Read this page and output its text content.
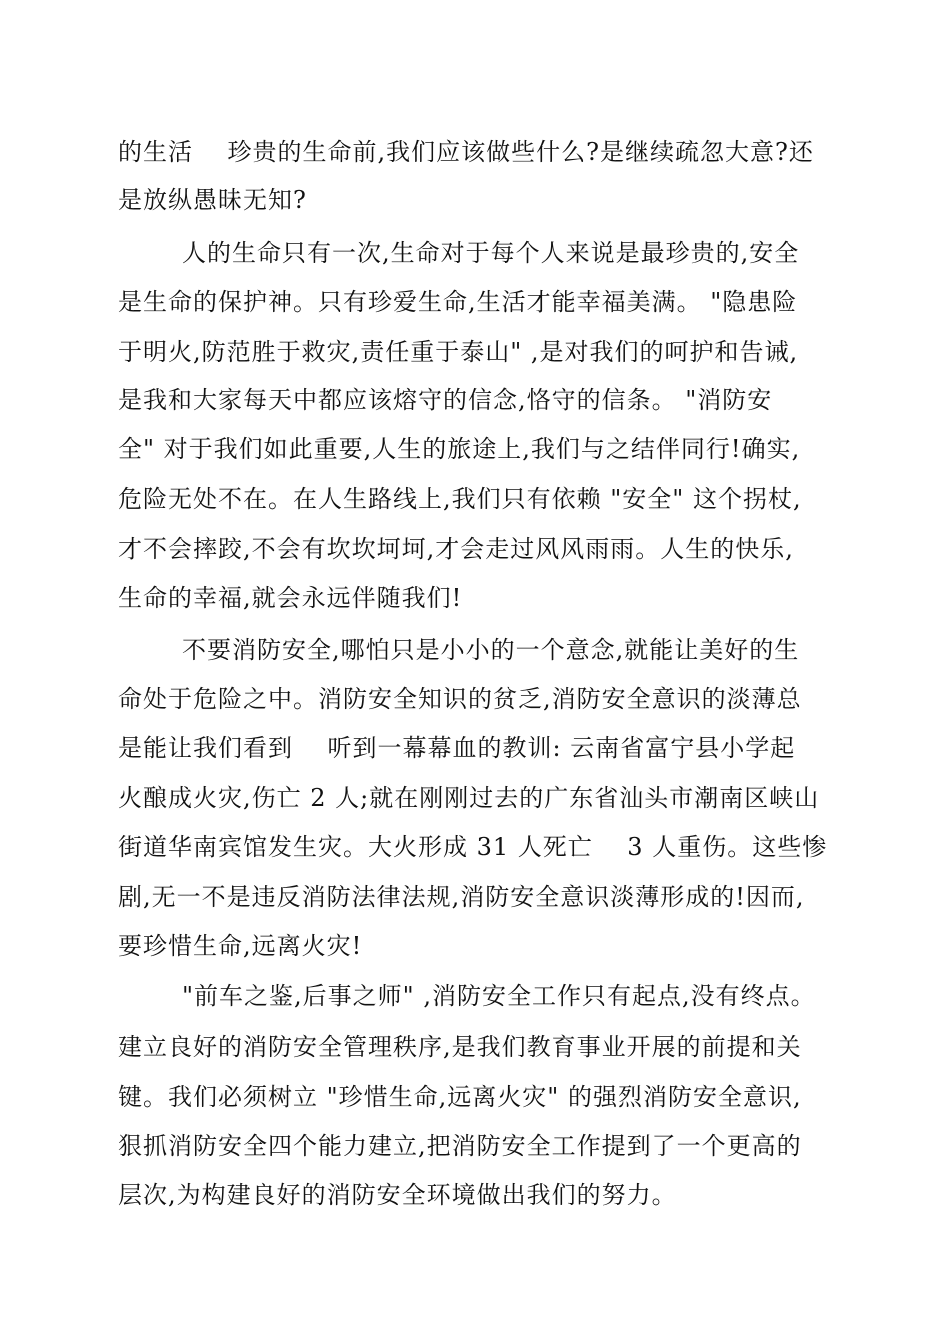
的生活    珍贵的生命前,我们应该做些什么?是继续疏忽大意?还
是放纵愚昧无知?
人的生命只有一次,生命对于每个人来说是最珍贵的,安全
是生命的保护神。只有珍爱生命,生活才能幸福美满。 "隐患险
于明火,防范胜于救灾,责任重于泰山" ,是对我们的呵护和告诫,
是我和大家每天中都应该熔守的信念,恪守的信条。 "消防安
全" 对于我们如此重要,人生的旅途上,我们与之结伴同行!确实,
危险无处不在。在人生路线上,我们只有依赖 "安全" 这个拐杖,
才不会摔跤,不会有坎坎坷坷,才会走过风风雨雨。人生的快乐,
生命的幸福,就会永远伴随我们!
不要消防安全,哪怕只是小小的一个意念,就能让美好的生
命处于危险之中。消防安全知识的贫乏,消防安全意识的淡薄总
是能让我们看到    听到一幕幕血的教训: 云南省富宁县小学起
火酿成火灾,伤亡 2 人;就在刚刚过去的广东省汕头市潮南区峡山
街道华南宾馆发生灾。大火形成 31 人死亡    3 人重伤。这些惨
剧,无一不是违反消防法律法规,消防安全意识淡薄形成的!因而,
要珍惜生命,远离火灾!
"前车之鉴,后事之师" ,消防安全工作只有起点,没有终点。
建立良好的消防安全管理秩序,是我们教育事业开展的前提和关
键。我们必须树立 "珍惜生命,远离火灾" 的强烈消防安全意识,
狠抓消防安全四个能力建立,把消防安全工作提到了一个更高的
层次,为构建良好的消防安全环境做出我们的努力。
